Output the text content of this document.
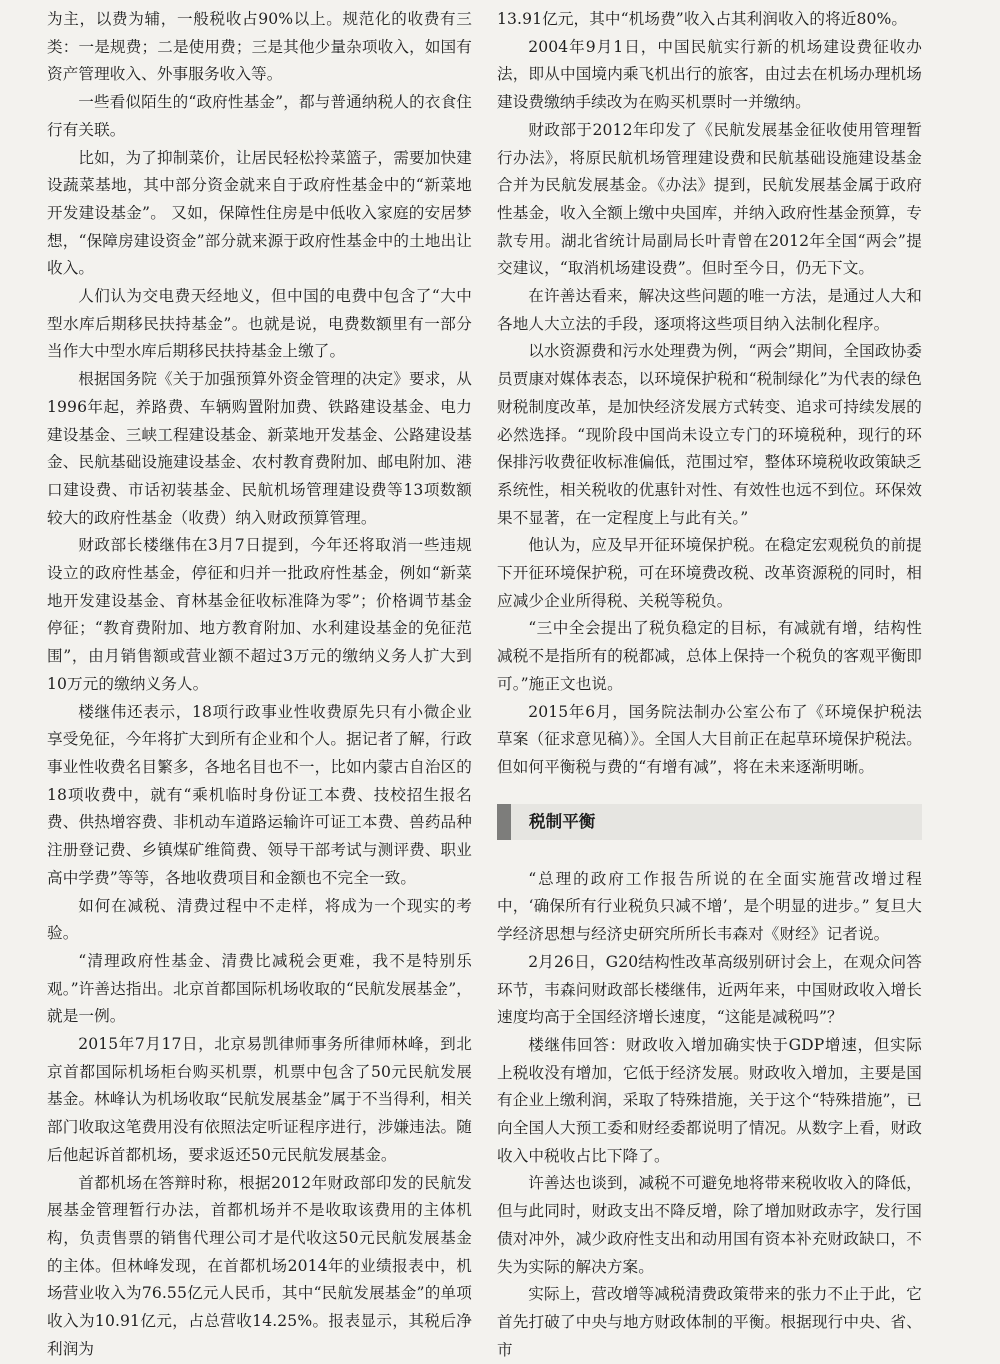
为主，以费为辅，一般税收占90%以上。规范化的收费有三类：一是规费；二是使用费；三是其他少量杂项收入，如国有资产管理收入、外事服务收入等。

一些看似陌生的“政府性基金”，都与普通纳税人的衣食住行有关联。

比如，为了抑制菜价，让居民轻松拎菜篮子，需要加快建设蔬菜基地，其中部分资金就来自于政府性基金中的“新菜地开发建设基金”。 又如，保障性住房是中低收入家庭的安居梦想，“保障房建设资金”部分就来源于政府性基金中的土地出让收入。

人们认为交电费天经地义，但中国的电费中包含了“大中型水库后期移民扶持基金”。也就是说，电费数额里有一部分当作大中型水库后期移民扶持基金上缴了。

根据国务院《关于加强预算外资金管理的决定》要求，从1996年起，养路费、车辆购置附加费、铁路建设基金、电力建设基金、三峡工程建设基金、新菜地开发基金、公路建设基金、民航基础设施建设基金、农村教育费附加、邮电附加、港口建设费、市话初装基金、民航机场管理建设费等13项数额较大的政府性基金（收费）纳入财政预算管理。

财政部长楼继伟在3月7日提到，今年还将取消一些违规设立的政府性基金，停征和归并一批政府性基金，例如“新菜地开发建设基金、育林基金征收标准降为零”；价格调节基金停征；“教育费附加、地方教育附加、水利建设基金的免征范围”，由月销售额或营业额不超过3万元的缴纳义务人扩大到10万元的缴纳义务人。

楼继伟还表示，18项行政事业性收费原先只有小微企业享受免征，今年将扩大到所有企业和个人。据记者了解，行政事业性收费名目繁多，各地名目也不一，比如内蒙古自治区的18项收费中，就有“乘机临时身份证工本费、技校招生报名费、供热增容费、非机动车道路运输许可证工本费、兽药品种注册登记费、乡镇煤矿维简费、领导干部考试与测评费、职业高中学费”等等，各地收费项目和金额也不完全一致。

如何在减税、清费过程中不走样，将成为一个现实的考验。

“清理政府性基金、清费比减税会更难，我不是特别乐观。”许善达指出。北京首都国际机场收取的“民航发展基金”，就是一例。

2015年7月17日，北京易凯律师事务所律师林峰，到北京首都国际机场柜台购买机票，机票中包含了50元民航发展基金。林峰认为机场收取“民航发展基金”属于不当得利，相关部门收取这笔费用没有依照法定听证程序进行，涉嫌违法。随后他起诉首都机场，要求返还50元民航发展基金。

首都机场在答辩时称，根据2012年财政部印发的民航发展基金管理暂行办法，首都机场并不是收取该费用的主体机构，负责售票的销售代理公司才是代收这50元民航发展基金的主体。但林峰发现，在首都机场2014年的业绩报表中，机场营业收入为76.55亿元人民币，其中“民航发展基金”的单项收入为10.91亿元，占总营收14.25%。报表显示，其税后净利润为

13.91亿元，其中“机场费”收入占其利润收入的将近80%。

2004年9月1日，中国民航实行新的机场建设费征收办法，即从中国境内乘飞机出行的旅客，由过去在机场办理机场建设费缴纳手续改为在购买机票时一并缴纳。

财政部于2012年印发了《民航发展基金征收使用管理暂行办法》，将原民航机场管理建设费和民航基础设施建设基金合并为民航发展基金。《办法》提到，民航发展基金属于政府性基金，收入全额上缴中央国库，并纳入政府性基金预算，专款专用。湖北省统计局副局长叶青曾在2012年全国“两会”提交建议，“取消机场建设费”。但时至今日，仍无下文。

在许善达看来，解决这些问题的唯一方法，是通过人大和各地人大立法的手段，逐项将这些项目纳入法制化程序。

以水资源费和污水处理费为例，“两会”期间，全国政协委员贾康对媒体表态，以环境保护税和“税制绿化”为代表的绿色财税制度改革，是加快经济发展方式转变、追求可持续发展的必然选择。“现阶段中国尚未设立专门的环境税种，现行的环保排污收费征收标准偏低，范围过窄，整体环境税收政策缺乏系统性，相关税收的优惠针对性、有效性也远不到位。环保效果不显著，在一定程度上与此有关。”

他认为，应及早开征环境保护税。在稳定宏观税负的前提下开征环境保护税，可在环境费改税、改革资源税的同时，相应减少企业所得税、关税等税负。

“三中全会提出了税负稳定的目标，有减就有增，结构性减税不是指所有的税都减，总体上保持一个税负的客观平衡即可。”施正文也说。

2015年6月，国务院法制办公室公布了《环境保护税法草案（征求意见稿）》。全国人大目前正在起草环境保护税法。但如何平衡税与费的“有增有减”，将在未来逐渐明晰。

税制平衡

“总理的政府工作报告所说的在全面实施营改增过程中，‘确保所有行业税负只减不增’，是个明显的进步。” 复旦大学经济思想与经济史研究所所长韦森对《财经》记者说。

2月26日，G20结构性改革高级别研讨会上，在观众问答环节，韦森问财政部长楼继伟，近两年来，中国财政收入增长速度均高于全国经济增长速度，“这能是减税吗”？

楼继伟回答：财政收入增加确实快于GDP增速，但实际上税收没有增加，它低于经济发展。财政收入增加，主要是国有企业上缴利润，采取了特殊措施，关于这个“特殊措施”，已向全国人大预工委和财经委都说明了情况。从数字上看，财政收入中税收占比下降了。

许善达也谈到，减税不可避免地将带来税收收入的降低，但与此同时，财政支出不降反增，除了增加财政赤字，发行国债对冲外，减少政府性支出和动用国有资本补充财政缺口，不失为实际的解决方案。

实际上，营改增等减税清费政策带来的张力不止于此，它首先打破了中央与地方财政体制的平衡。根据现行中央、省、市
